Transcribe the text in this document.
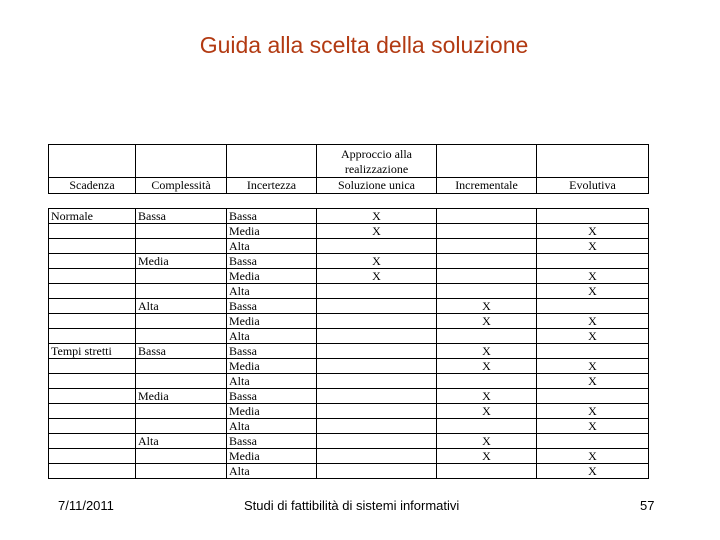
Guida alla scelta della soluzione
			Approccio alla realizzazione		
Scadenza	Complessità	Incertezza	Soluzione unica	Incrementale	Evolutiva

Normale	Bassa	Bassa	X		
		Media	X		X
		Alta			X
	Media	Bassa	X		
		Media	X		X
		Alta			X
	Alta	Bassa		X	
		Media		X	X
		Alta			X
Tempi stretti	Bassa	Bassa		X	
		Media		X	X
		Alta			X
	Media	Bassa		X	
		Media		X	X
		Alta			X
	Alta	Bassa		X	
		Media		X	X
		Alta			X
7/11/2011	Studi di fattibilità di sistemi informativi	57
